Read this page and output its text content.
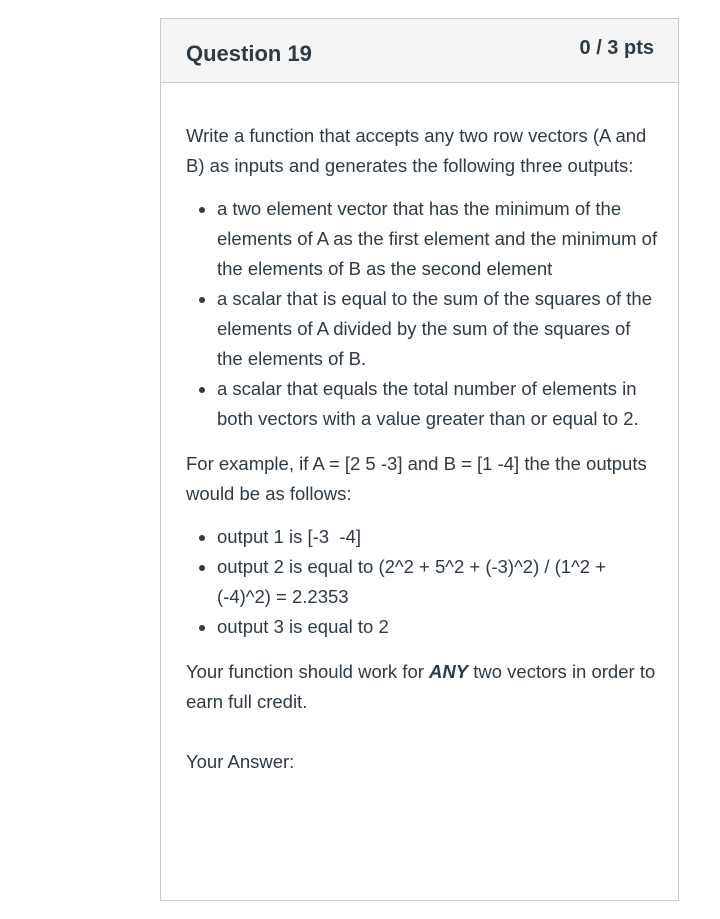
Question 19	0 / 3 pts

Write a function that accepts any two row vectors (A and B) as inputs and generates the following three outputs:

• a two element vector that has the minimum of the elements of A as the first element and the minimum of the elements of B as the second element
• a scalar that is equal to the sum of the squares of the elements of A divided by the sum of the squares of the elements of B.
• a scalar that equals the total number of elements in both vectors with a value greater than or equal to 2.

For example, if A = [2 5 -3] and B = [1 -4] the the outputs would be as follows:

• output 1 is [-3  -4]
• output 2 is equal to (2^2 + 5^2 + (-3)^2) / (1^2 + (-4)^2) = 2.2353
• output 3 is equal to 2

Your function should work for ANY two vectors in order to earn full credit.

Your Answer:
